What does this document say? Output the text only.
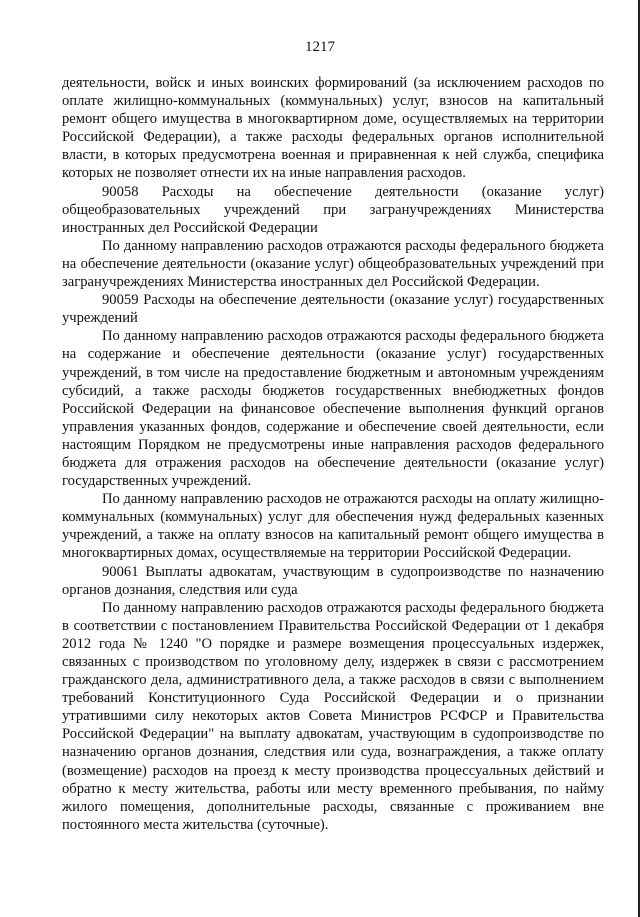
1217

деятельности, войск и иных воинских формирований (за исключением расходов по оплате жилищно-коммунальных (коммунальных) услуг, взносов на капитальный ремонт общего имущества в многоквартирном доме, осуществляемых на территории Российской Федерации), а также расходы федеральных органов исполнительной власти, в которых предусмотрена военная и приравненная к ней служба, специфика которых не позволяет отнести их на иные направления расходов.

90058 Расходы на обеспечение деятельности (оказание услуг) общеобразовательных учреждений при загранучреждениях Министерства иностранных дел Российской Федерации

По данному направлению расходов отражаются расходы федерального бюджета на обеспечение деятельности (оказание услуг) общеобразовательных учреждений при загранучреждениях Министерства иностранных дел Российской Федерации.

90059 Расходы на обеспечение деятельности (оказание услуг) государственных учреждений

По данному направлению расходов отражаются расходы федерального бюджета на содержание и обеспечение деятельности (оказание услуг) государственных учреждений, в том числе на предоставление бюджетным и автономным учреждениям субсидий, а также расходы бюджетов государственных внебюджетных фондов Российской Федерации на финансовое обеспечение выполнения функций органов управления указанных фондов, содержание и обеспечение своей деятельности, если настоящим Порядком не предусмотрены иные направления расходов федерального бюджета для отражения расходов на обеспечение деятельности (оказание услуг) государственных учреждений.

По данному направлению расходов не отражаются расходы на оплату жилищно-коммунальных (коммунальных) услуг для обеспечения нужд федеральных казенных учреждений, а также на оплату взносов на капитальный ремонт общего имущества в многоквартирных домах, осуществляемые на территории Российской Федерации.

90061 Выплаты адвокатам, участвующим в судопроизводстве по назначению органов дознания, следствия или суда

По данному направлению расходов отражаются расходы федерального бюджета в соответствии с постановлением Правительства Российской Федерации от 1 декабря 2012 года № 1240 "О порядке и размере возмещения процессуальных издержек, связанных с производством по уголовному делу, издержек в связи с рассмотрением гражданского дела, административного дела, а также расходов в связи с выполнением требований Конституционного Суда Российской Федерации и о признании утратившими силу некоторых актов Совета Министров РСФСР и Правительства Российской Федерации" на выплату адвокатам, участвующим в судопроизводстве по назначению органов дознания, следствия или суда, вознаграждения, а также оплату (возмещение) расходов на проезд к месту производства процессуальных действий и обратно к месту жительства, работы или месту временного пребывания, по найму жилого помещения, дополнительные расходы, связанные с проживанием вне постоянного места жительства (суточные).
